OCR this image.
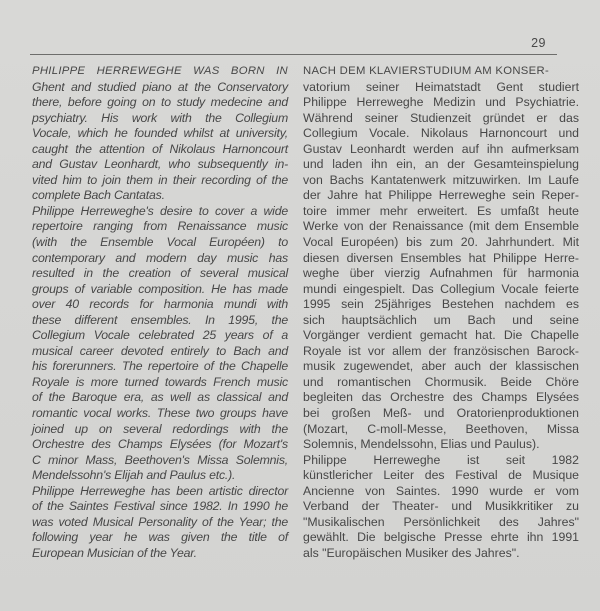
29
PHILIPPE HERREWEGHE WAS BORN IN
Ghent and studied piano at the Conservatory
there, before going on to study medecine and
psychiatry. His work with the Collegium
Vocale, which he founded whilst at university,
caught the attention of Nikolaus Harnoncourt
and Gustav Leonhardt, who subsequently in-
vited him to join them in their recording of the
complete Bach Cantatas.
Philippe Herreweghe's desire to cover a wide
repertoire ranging from Renaissance music
(with the Ensemble Vocal Européen) to
contemporary and modern day music has
resulted in the creation of several musical
groups of variable composition. He has made
over 40 records for harmonia mundi with
these different ensembles. In 1995, the
Collegium Vocale celebrated 25 years of a
musical career devoted entirely to Bach and
his forerunners. The repertoire of the Chapelle
Royale is more turned towards French music
of the Baroque era, as well as classical and
romantic vocal works. These two groups have
joined up on several redordings with the
Orchestre des Champs Elysées (for Mozart's
C minor Mass, Beethoven's Missa Solemnis,
Mendelssohn's Elijah and Paulus etc.).
Philippe Herreweghe has been artistic director
of the Saintes Festival since 1982. In 1990 he
was voted Musical Personality of the Year; the
following year he was given the title of
European Musician of the Year.
NACH DEM KLAVIERSTUDIUM AM KONSER-
vatorium seiner Heimatstadt Gent studiert
Philippe Herreweghe Medizin und Psychiatrie.
Während seiner Studienzeit gründet er das
Collegium Vocale. Nikolaus Harnoncourt und
Gustav Leonhardt werden auf ihn aufmerksam
und laden ihn ein, an der Gesamteinspielung
von Bachs Kantatenwerk mitzuwirken. Im Laufe
der Jahre hat Philippe Herreweghe sein Reper-
toire immer mehr erweitert. Es umfaßt heute
Werke von der Renaissance (mit dem Ensemble
Vocal Européen) bis zum 20. Jahrhundert. Mit
diesen diversen Ensembles hat Philippe Herre-
weghe über vierzig Aufnahmen für harmonia
mundi eingespielt. Das Collegium Vocale feierte
1995 sein 25jähriges Bestehen nachdem es
sich hauptsächlich um Bach und seine
Vorgänger verdient gemacht hat. Die Chapelle
Royale ist vor allem der französischen Barock-
musik zugewendet, aber auch der klassischen
und romantischen Chormusik. Beide Chöre
begleiten das Orchestre des Champs Elysées
bei großen Meß- und Oratorienproduktionen
(Mozart, C-moll-Messe, Beethoven, Missa
Solemnis, Mendelssohn, Elias und Paulus).
Philippe Herreweghe ist seit 1982
künstlericher Leiter des Festival de Musique
Ancienne von Saintes. 1990 wurde er vom
Verband der Theater- und Musikkritiker zu
"Musikalischen Persönlichkeit des Jahres"
gewählt. Die belgische Presse ehrte ihn 1991
als "Europäischen Musiker des Jahres".
